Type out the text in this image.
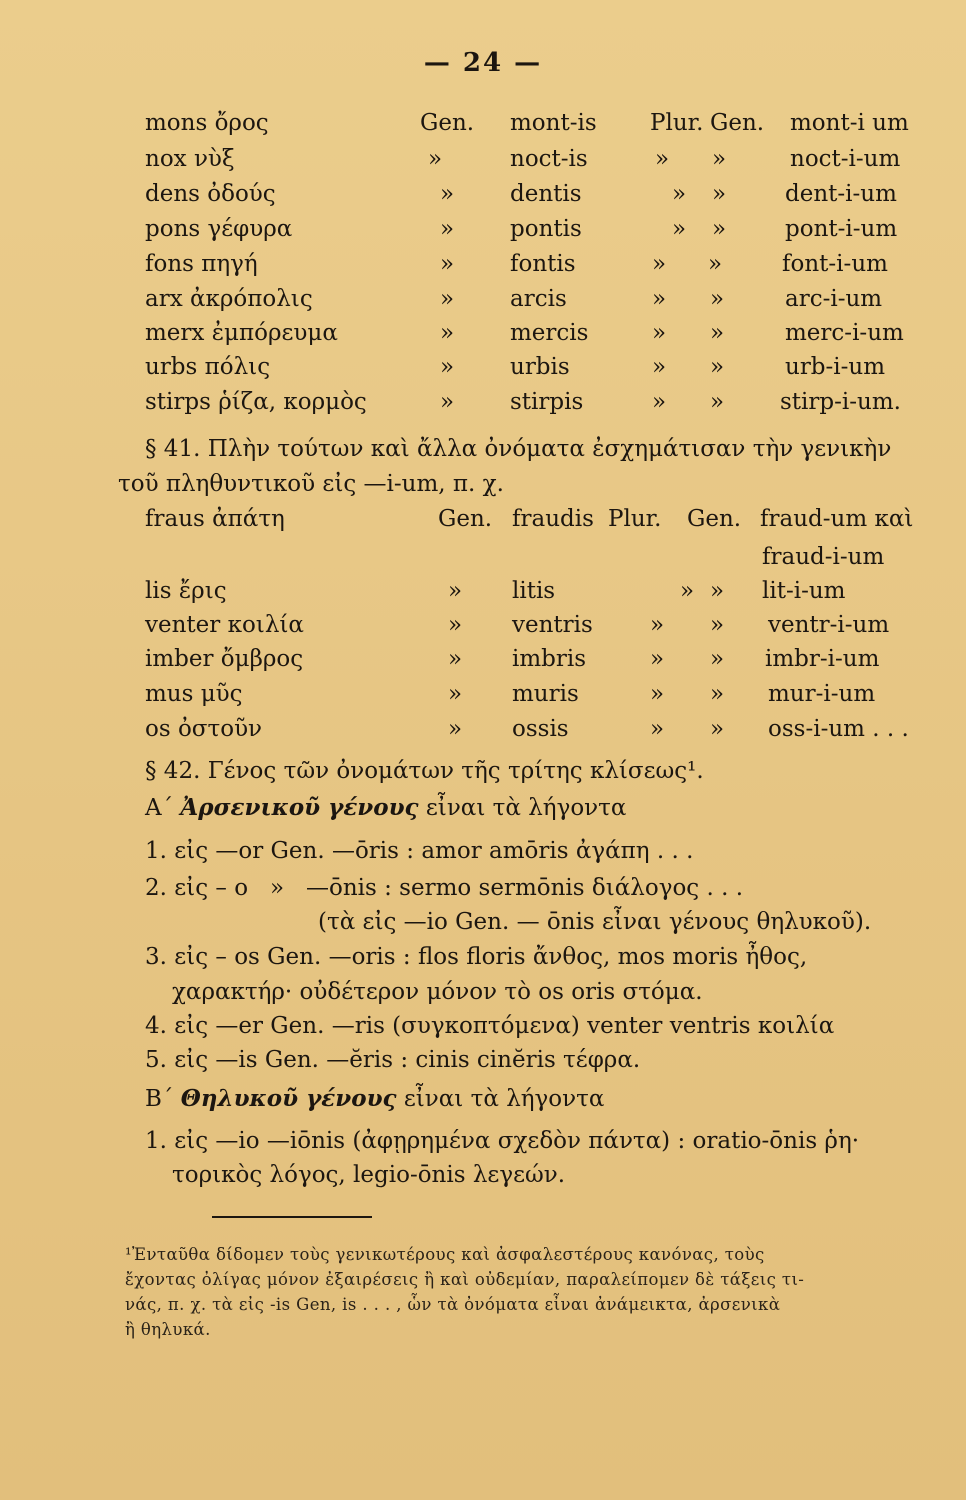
— 24 —
mons ὄρος	Gen. mont-is Plur. Gen. mont-i um
nox νὺξ	»	noct-is	» »	noct-i-um
dens ὀδούς	» dentis	» »	dent-i-um
pons γέφυρα	» pontis	» »	pont-i-um
fons πηγή	» fontis	» »	font-i-um
arx ἀκρόπολις	» arcis	» »	arc-i-um
merx ἐμπόρευμα	» mercis	» »	merc-i-um
urbs πόλις	» urbis	» »	urb-i-um
stirps ῥίζα, κορμὸς	» stirpis	» » stirp-i-um.
§ 41. Πλὴν τούτων καὶ ἄλλα ὀνόματα ἐσχημάτισαν τὴν γενικὴν
τοῦ πληθυντικοῦ εἰς —i-um, π. χ.
fraus ἀπάτη	Gen. fraudis Plur. Gen. fraud-um καὶ
fraud-i-um
lis ἔρις	» litis	» » lit-i-um
venter κοιλία	» ventris » » ventr-i-um
imber ὄμβρος	» imbris	» » imbr-i-um
mus μῦς	» muris	» » mur-i-um
os ὀστοῦν	» ossis	» » oss-i-um . . .
§ 42. Γένος τῶν ὀνομάτων τῆς τρίτης κλίσεως¹.
Α΄ Ἀρσενικοῦ γένους εἶναι τὰ λήγοντα
1. εἰς —or Gen. —ōris : amor amōris ἀγάπη . . .
2. εἰς – o   »   —ōnis : sermo sermōnis διάλογος . . .
(τὰ εἰς —io Gen. — ōnis εἶναι γένους θηλυκοῦ).
3. εἰς – os Gen. —oris : flos floris ἄνθος, mos moris ἦθος,
χαρακτήρ· οὐδέτερον μόνον τὸ os oris στόμα.
4. εἰς —er Gen. —ris (συγκοπτόμενα) venter ventris κοιλία
5. εἰς —is Gen. —ĕris : cinis cinĕris τέφρα.
Β΄ Θηλυκοῦ γένους εἶναι τὰ λήγοντα
1. εἰς —io —iōnis (ἀφῃρημένα σχεδὸν πάντα) : oratio-ōnis ῥη·
τορικὸς λόγος, legio-ōnis λεγεών.
¹Ἐνταῦθα δίδομεν τοὺς γενικωτέρους καὶ ἀσφαλεστέρους κανόνας, τοὺς
ἔχοντας ὀλίγας μόνον ἐξαιρέσεις ἢ καὶ οὐδεμίαν, παραλείπομεν δὲ τάξεις τι-
νάς, π. χ. τὰ εἰς -is Gen, is . . . , ὧν τὰ ὀνόματα εἶναι ἀνάμεικτα, ἀρσενικὰ
ἢ θηλυκά.
